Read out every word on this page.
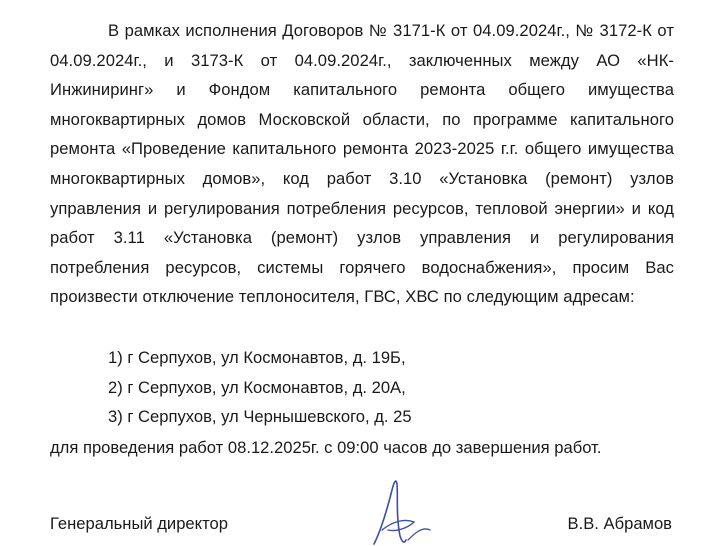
В рамках исполнения Договоров № 3171-К от 04.09.2024г., № 3172-К от 04.09.2024г., и 3173-К от 04.09.2024г., заключенных между АО «НК-Инжиниринг» и Фондом капитального ремонта общего имущества многоквартирных домов Московской области, по программе капитального ремонта «Проведение капитального ремонта 2023-2025 г.г. общего имущества многоквартирных домов», код работ 3.10 «Установка (ремонт) узлов управления и регулирования потребления ресурсов, тепловой энергии» и код работ 3.11 «Установка (ремонт) узлов управления и регулирования потребления ресурсов, системы горячего водоснабжения», просим Вас произвести отключение теплоносителя, ГВС, ХВС по следующим адресам:

1) г Серпухов, ул Космонавтов, д. 19Б,
2) г Серпухов, ул Космонавтов, д. 20А,
3) г Серпухов, ул Чернышевского, д. 25

для проведения работ 08.12.2025г. с 09:00 часов до завершения работ.

Генеральный директор	В.В. Абрамов
